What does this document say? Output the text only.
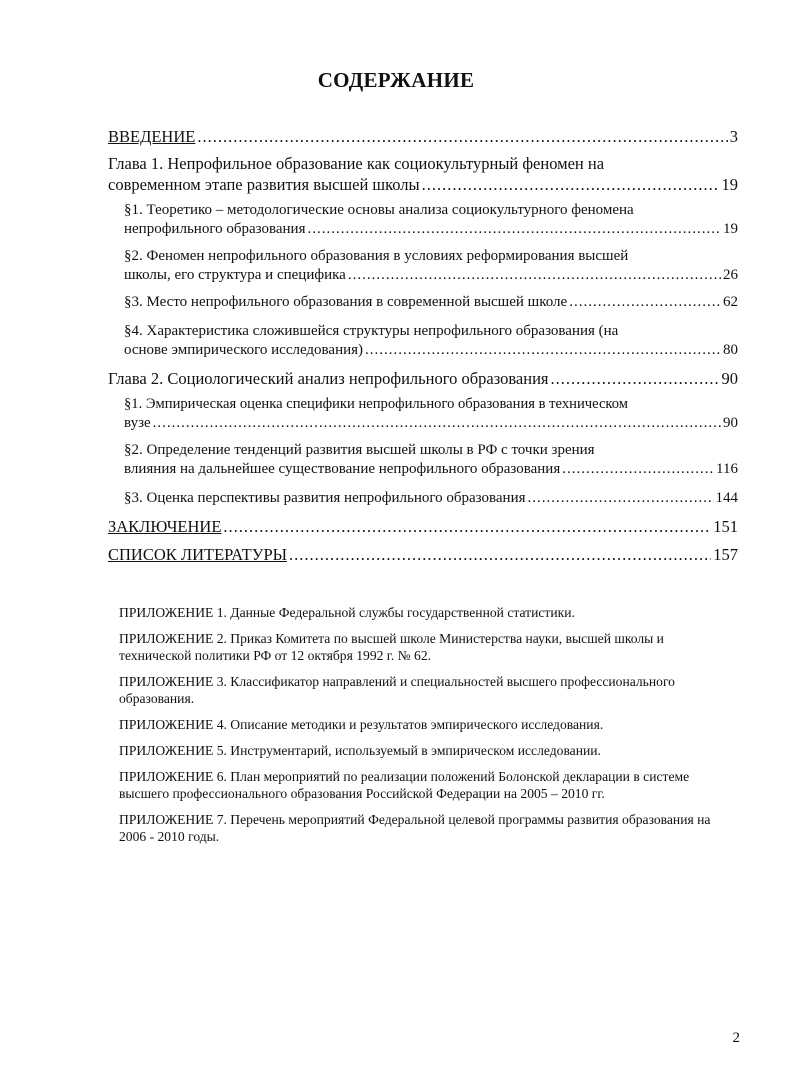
СОДЕРЖАНИЕ
ВВЕДЕНИЕ .....	3
Глава 1. Непрофильное образование как социокультурный феномен на
современном этапе развития высшей школы .....	19
§1. Теоретико – методологические основы анализа социокультурного феномена
непрофильного образования .....	19
§2. Феномен непрофильного образования в условиях реформирования высшей
школы, его структура и специфика .....	26
§3. Место непрофильного образования в современной высшей школе .....	62
§4. Характеристика сложившейся структуры непрофильного образования (на
основе эмпирического исследования) .....	80
Глава 2. Социологический анализ непрофильного образования .....	90
§1. Эмпирическая оценка специфики непрофильного образования в техническом
вузе .....	90
§2. Определение тенденций развития высшей школы в РФ с точки зрения
влияния на дальнейшее существование непрофильного образования .....	116
§3. Оценка перспективы развития непрофильного образования .....	144
ЗАКЛЮЧЕНИЕ .....	151
СПИСОК ЛИТЕРАТУРЫ .....	157
ПРИЛОЖЕНИЕ 1. Данные Федеральной службы государственной статистики.
ПРИЛОЖЕНИЕ 2. Приказ Комитета по высшей школе Министерства науки, высшей школы и технической политики РФ от 12 октября 1992 г. № 62.
ПРИЛОЖЕНИЕ 3. Классификатор направлений и специальностей высшего профессионального образования.
ПРИЛОЖЕНИЕ 4. Описание методики и результатов эмпирического исследования.
ПРИЛОЖЕНИЕ 5. Инструментарий, используемый в эмпирическом исследовании.
ПРИЛОЖЕНИЕ 6. План мероприятий по реализации положений Болонской декларации в системе высшего профессионального образования Российской Федерации на 2005 – 2010 гг.
ПРИЛОЖЕНИЕ 7. Перечень мероприятий Федеральной целевой программы развития образования на 2006 - 2010 годы.
2
